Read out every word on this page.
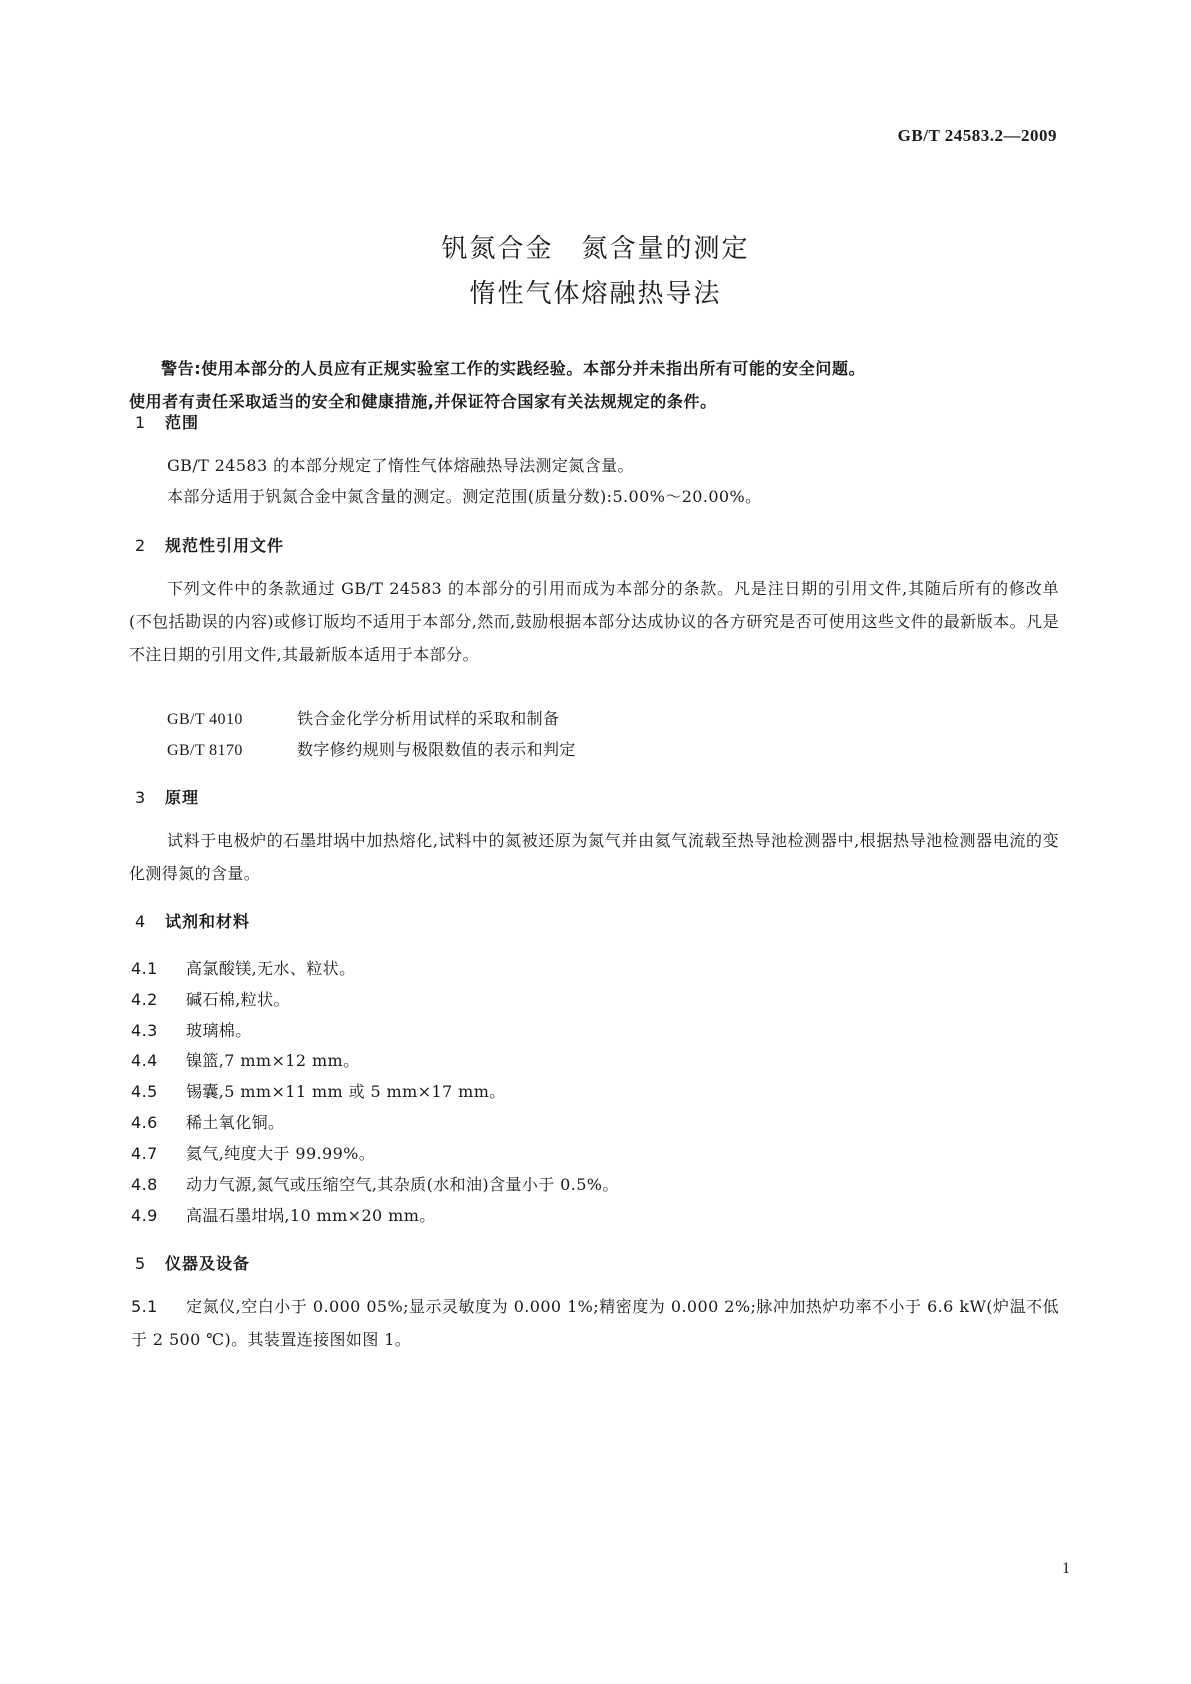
GB/T 24583.2—2009
钒氮合金　氮含量的测定
惰性气体熔融热导法
警告:使用本部分的人员应有正规实验室工作的实践经验。本部分并未指出所有可能的安全问题。
使用者有责任采取适当的安全和健康措施,并保证符合国家有关法规规定的条件。
1 范围
GB/T 24583 的本部分规定了惰性气体熔融热导法测定氮含量。
本部分适用于钒氮合金中氮含量的测定。测定范围(质量分数):5.00%～20.00%。
2 规范性引用文件
下列文件中的条款通过 GB/T 24583 的本部分的引用而成为本部分的条款。凡是注日期的引用文件,其随后所有的修改单(不包括勘误的内容)或修订版均不适用于本部分,然而,鼓励根据本部分达成协议的各方研究是否可使用这些文件的最新版本。凡是不注日期的引用文件,其最新版本适用于本部分。
GB/T 4010	铁合金化学分析用试样的采取和制备
GB/T 8170	数字修约规则与极限数值的表示和判定
3 原理
试料于电极炉的石墨坩埚中加热熔化,试料中的氮被还原为氮气并由氦气流载至热导池检测器中,根据热导池检测器电流的变化测得氮的含量。
4 试剂和材料
4.1 高氯酸镁,无水、粒状。
4.2 碱石棉,粒状。
4.3 玻璃棉。
4.4 镍篮,7 mm×12 mm。
4.5 锡囊,5 mm×11 mm 或 5 mm×17 mm。
4.6 稀土氧化铜。
4.7 氦气,纯度大于 99.99%。
4.8 动力气源,氮气或压缩空气,其杂质(水和油)含量小于 0.5%。
4.9 高温石墨坩埚,10 mm×20 mm。
5 仪器及设备
5.1 定氮仪,空白小于 0.000 05%;显示灵敏度为 0.000 1%;精密度为 0.000 2%;脉冲加热炉功率不小于 6.6 kW(炉温不低于 2 500 ℃)。其装置连接图如图 1。
1
